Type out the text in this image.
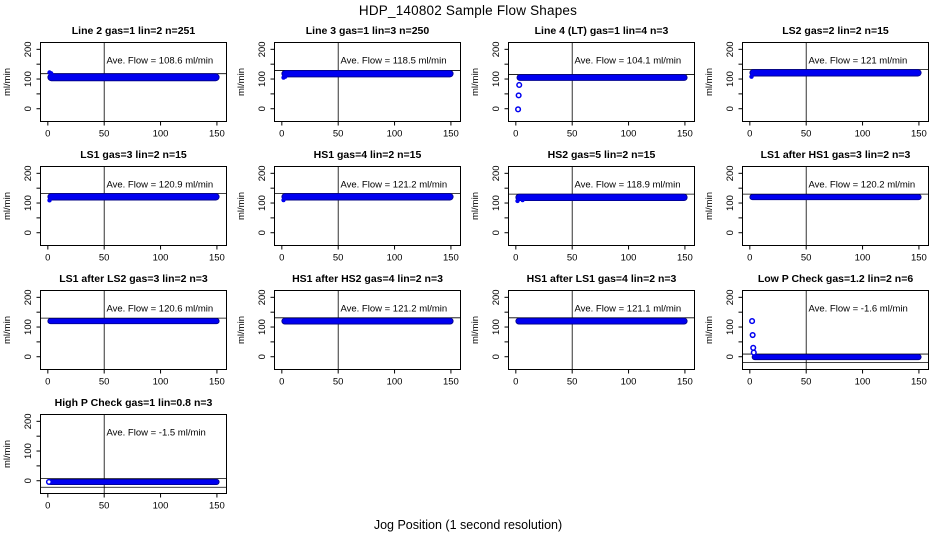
HDP_140802 Sample Flow Shapes
0
100
200
0	50	100	150
ml/min
Line 2 gas=1 lin=2 n=251
Ave. Flow = 108.6 ml/min
0
100
200
0	50	100	150
ml/min
Line 3 gas=1 lin=3 n=250
Ave. Flow = 118.5 ml/min
0
100
200
0	50	100	150
ml/min
Line 4 (LT) gas=1 lin=4 n=3
Ave. Flow = 104.1 ml/min
0
100
200
0	50	100	150
ml/min
LS2 gas=2 lin=2 n=15
Ave. Flow = 121 ml/min
0
100
200
0	50	100	150
ml/min
LS1 gas=3 lin=2 n=15
Ave. Flow = 120.9 ml/min
0
100
200
0	50	100	150
ml/min
HS1 gas=4 lin=2 n=15
Ave. Flow = 121.2 ml/min
0
100
200
0	50	100	150
ml/min
HS2 gas=5 lin=2 n=15
Ave. Flow = 118.9 ml/min
0
100
200
0	50	100	150
ml/min
LS1 after HS1 gas=3 lin=2 n=3
Ave. Flow = 120.2 ml/min
0
100
200
0	50	100	150
ml/min
LS1 after LS2 gas=3 lin=2 n=3
Ave. Flow = 120.6 ml/min
0
100
200
0	50	100	150
ml/min
HS1 after HS2 gas=4 lin=2 n=3
Ave. Flow = 121.2 ml/min
0
100
200
0	50	100	150
ml/min
HS1 after LS1 gas=4 lin=2 n=3
Ave. Flow = 121.1 ml/min
0
100
200
0	50	100	150
ml/min
Low P Check gas=1.2 lin=2 n=6
Ave. Flow = -1.6 ml/min
0
100
200
0	50	100	150
ml/min
High P Check gas=1 lin=0.8 n=3
Ave. Flow = -1.5 ml/min
Jog Position (1 second resolution)
